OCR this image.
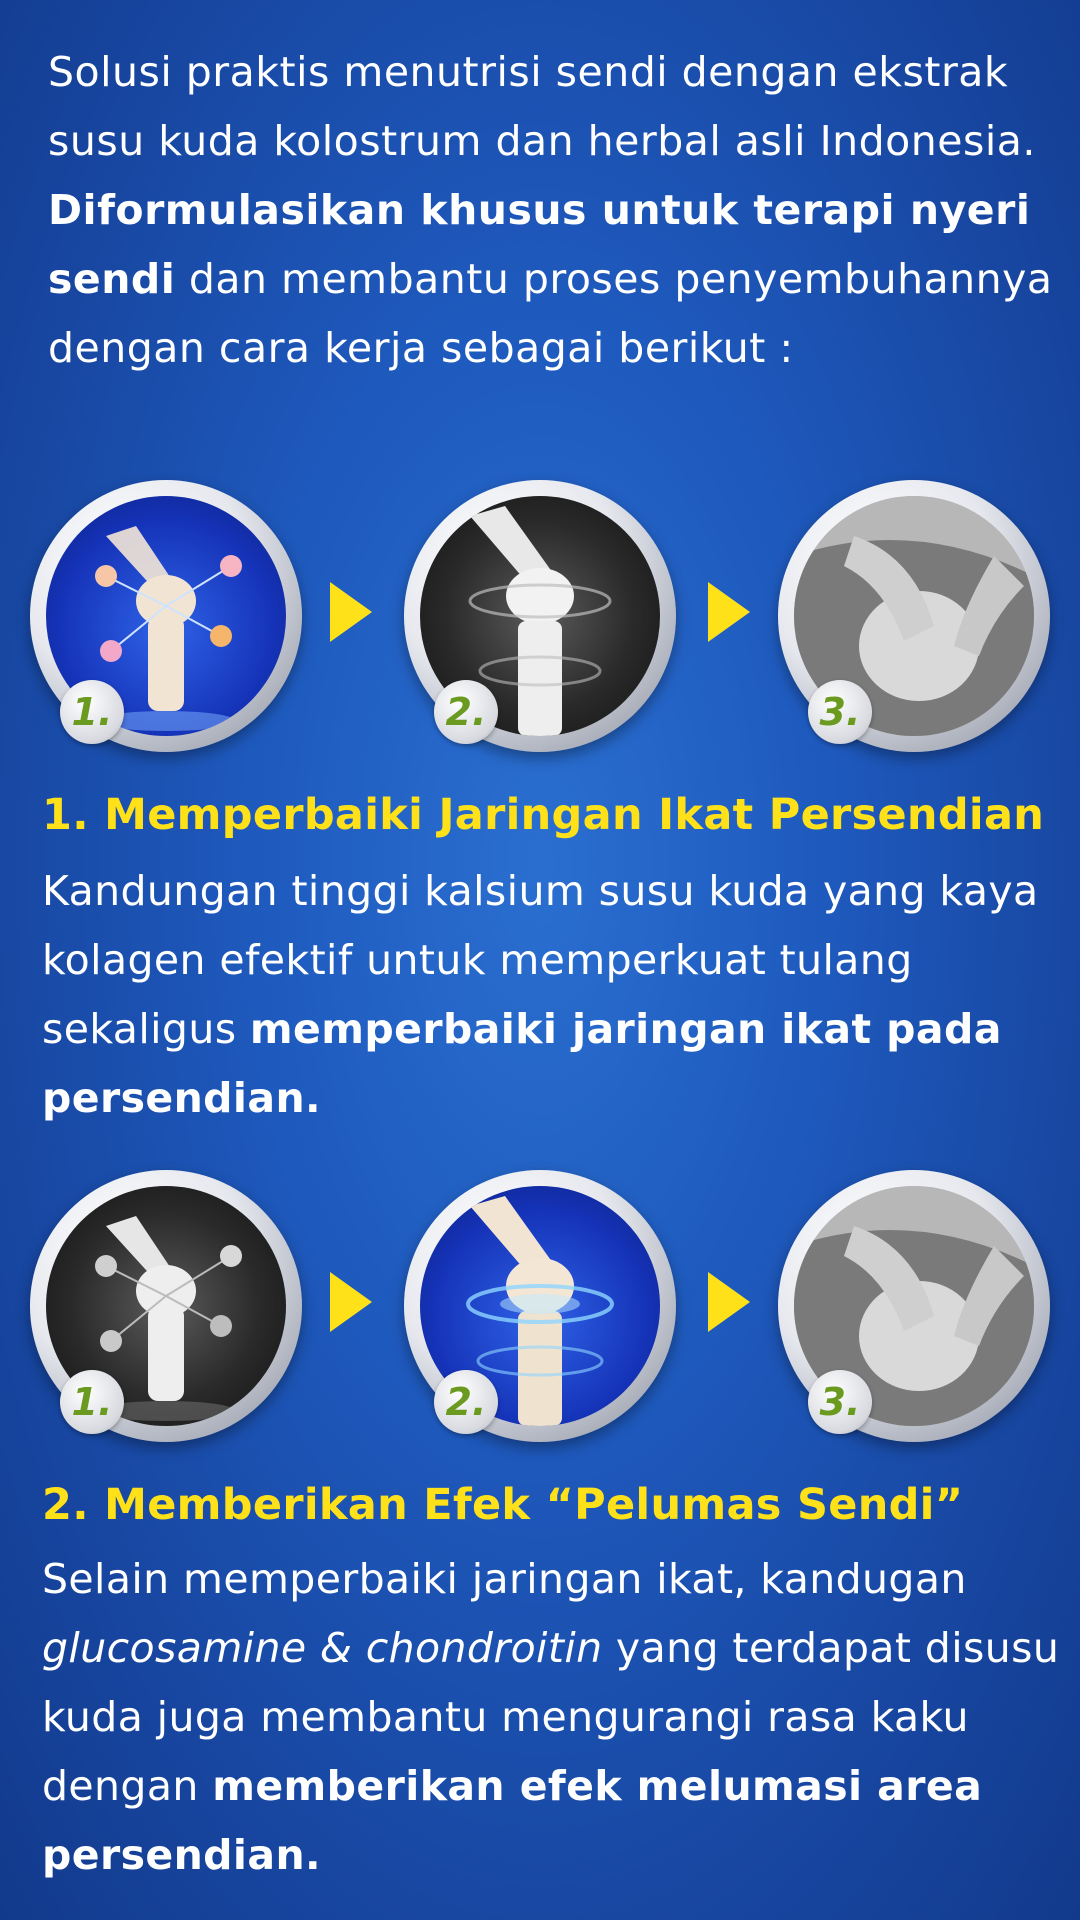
Solusi praktis menutrisi sendi dengan ekstrak susu kuda kolostrum dan herbal asli Indonesia. Diformulasikan khusus untuk terapi nyeri sendi dan membantu proses penyembuhannya dengan cara kerja sebagai berikut :
1.	2.	3.
1. Memperbaiki Jaringan Ikat Persendian
Kandungan tinggi kalsium susu kuda yang kaya kolagen efektif untuk memperkuat tulang sekaligus memperbaiki jaringan ikat pada persendian.
1.	2.	3.
2. Memberikan Efek “Pelumas Sendi”
Selain memperbaiki jaringan ikat, kandugan glucosamine & chondroitin yang terdapat disusu kuda juga membantu mengurangi rasa kaku dengan memberikan efek melumasi area persendian.
